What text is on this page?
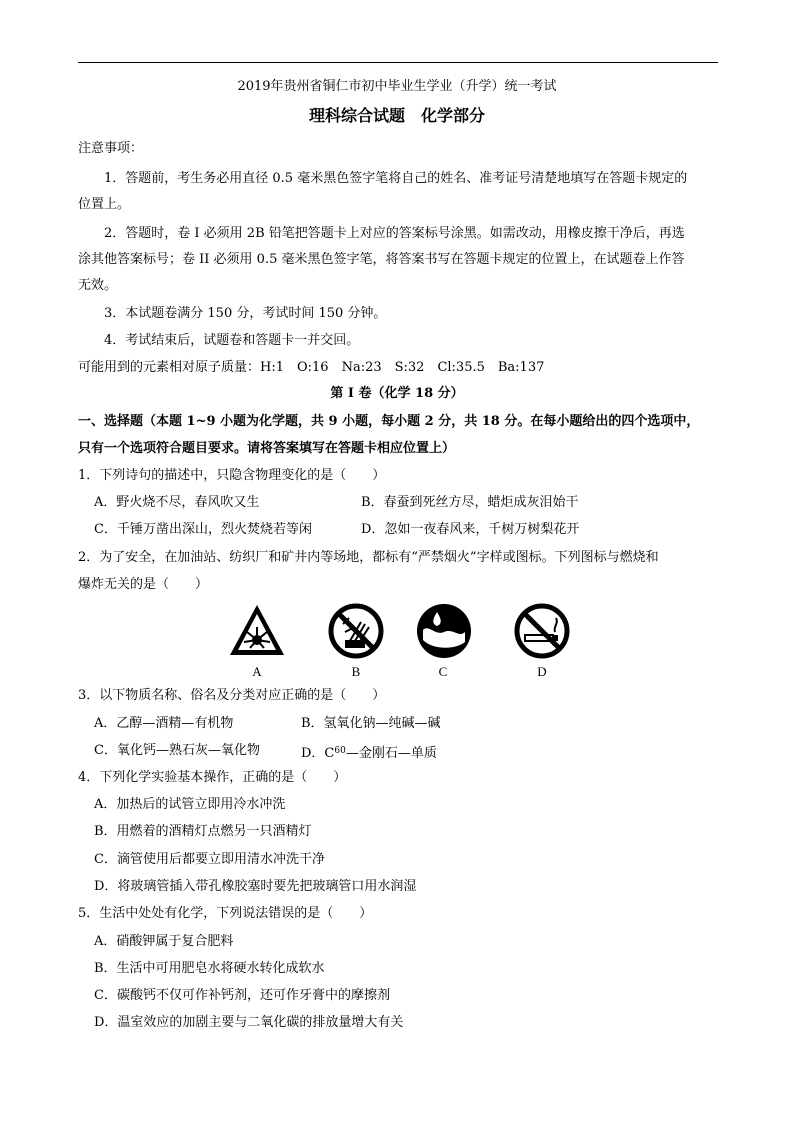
2019年贵州省铜仁市初中毕业生学业（升学）统一考试
理科综合试题　化学部分
注意事项：
1．答题前，考生务必用直径 0.5 毫米黑色签字笔将自己的姓名、准考证号清楚地填写在答题卡规定的
位置上。
2．答题时，卷 I 必须用 2B 铅笔把答题卡上对应的答案标号涂黑。如需改动，用橡皮擦干净后，再选
涂其他答案标号；卷 II 必须用 0.5 毫米黑色签字笔，将答案书写在答题卡规定的位置上，在试题卷上作答
无效。
3．本试题卷满分 150 分，考试时间 150 分钟。
4．考试结束后，试题卷和答题卡一并交回。
可能用到的元素相对原子质量：H:1　O:16　Na:23　S:32　Cl:35.5　Ba:137
第 I 卷（化学 18 分）
一、选择题（本题 1~9 小题为化学题，共 9 小题，每小题 2 分，共 18 分。在每小题给出的四个选项中，
只有一个选项符合题目要求。请将答案填写在答题卡相应位置上）
1．下列诗句的描述中，只隐含物理变化的是（　　）
A．野火烧不尽，春风吹又生	B．春蚕到死丝方尽，蜡炬成灰泪始干
C．千锤万凿出深山，烈火焚烧若等闲	D．忽如一夜春风来，千树万树梨花开
2．为了安全，在加油站、纺织厂和矿井内等场地，都标有“严禁烟火”字样或图标。下列图标与燃烧和
爆炸无关的是（　　）
A	B	C	D
3．以下物质名称、俗名及分类对应正确的是（　　）
A．乙醇—酒精—有机物	B．氢氧化钠—纯碱—碱
C．氧化钙—熟石灰—氧化物	D．$C^{60}—$金刚石—单质
4．下列化学实验基本操作，正确的是（　　）
A．加热后的试管立即用冷水冲洗
B．用燃着的酒精灯点燃另一只酒精灯
C．滴管使用后都要立即用清水冲洗干净
D．将玻璃管插入带孔橡胶塞时要先把玻璃管口用水润湿
5．生活中处处有化学，下列说法错误的是（　　）
A．硝酸钾属于复合肥料
B．生活中可用肥皂水将硬水转化成软水
C．碳酸钙不仅可作补钙剂，还可作牙膏中的摩擦剂
D．温室效应的加剧主要与二氧化碳的排放量增大有关
